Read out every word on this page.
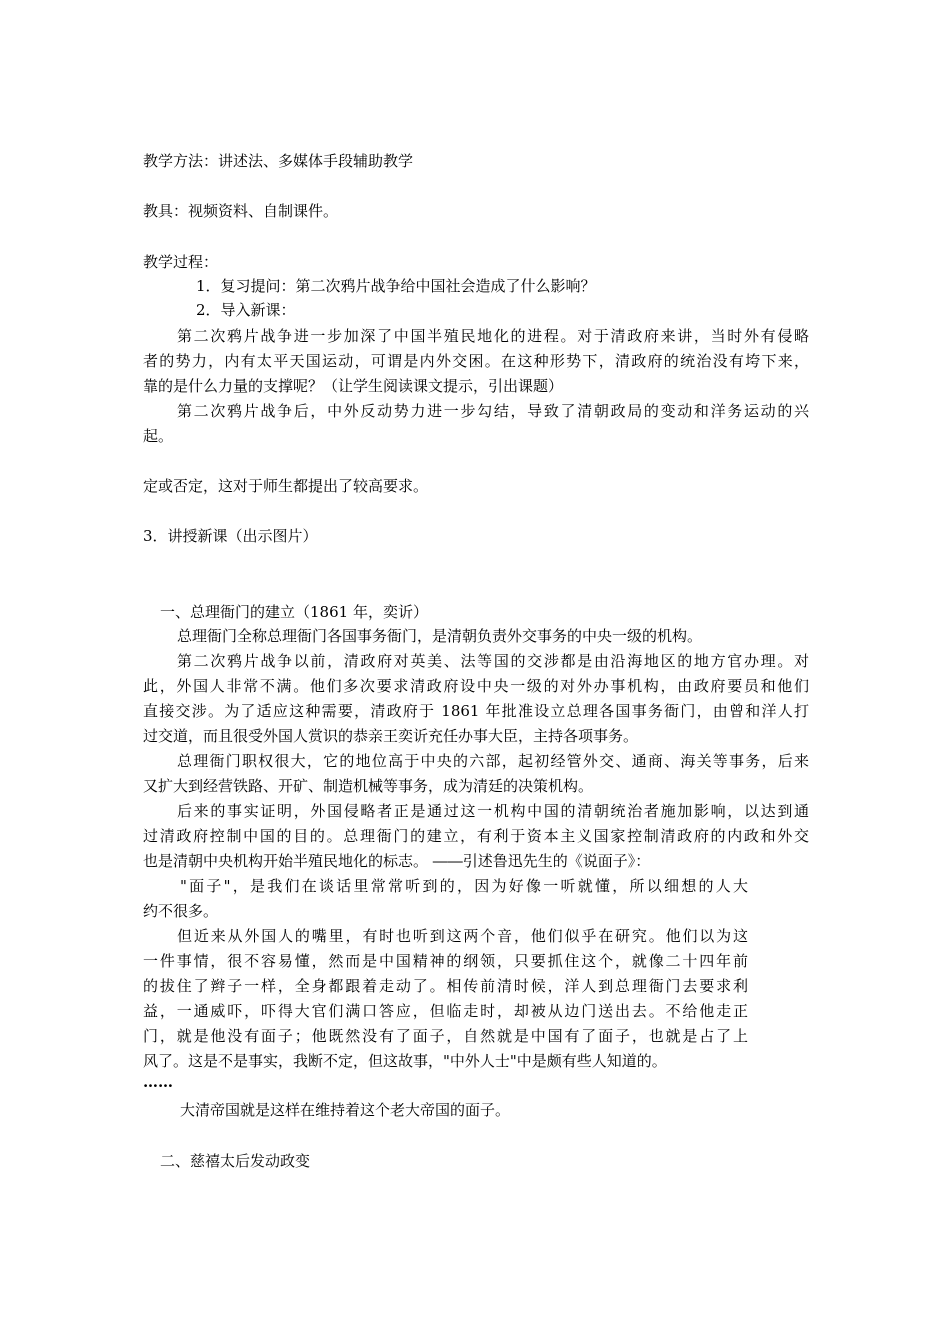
教学方法：讲述法、多媒体手段辅助教学
教具：视频资料、自制课件。
教学过程：
1．复习提问：第二次鸦片战争给中国社会造成了什么影响？
2．导入新课：
第二次鸦片战争进一步加深了中国半殖民地化的进程。对于清政府来讲，当时外有侵略
者的势力，内有太平天国运动，可谓是内外交困。在这种形势下，清政府的统治没有垮下来，
靠的是什么力量的支撑呢？（让学生阅读课文提示，引出课题）
第二次鸦片战争后，中外反动势力进一步勾结，导致了清朝政局的变动和洋务运动的兴
起。
定或否定，这对于师生都提出了较高要求。
3．讲授新课（出示图片）
一、总理衙门的建立（1861 年，奕䜣）
总理衙门全称总理衙门各国事务衙门，是清朝负责外交事务的中央一级的机构。
第二次鸦片战争以前，清政府对英美、法等国的交涉都是由沿海地区的地方官办理。对
此，外国人非常不满。他们多次要求清政府设中央一级的对外办事机构，由政府要员和他们
直接交涉。为了适应这种需要，清政府于 1861 年批准设立总理各国事务衙门，由曾和洋人打
过交道，而且很受外国人赏识的恭亲王奕䜣充任办事大臣，主持各项事务。
总理衙门职权很大，它的地位高于中央的六部，起初经管外交、通商、海关等事务，后来
又扩大到经营铁路、开矿、制造机械等事务，成为清廷的决策机构。
后来的事实证明，外国侵略者正是通过这一机构中国的清朝统治者施加影响，以达到通
过清政府控制中国的目的。总理衙门的建立，有利于资本主义国家控制清政府的内政和外交
也是清朝中央机构开始半殖民地化的标志。 ――引述鲁迅先生的《说面子》：
"面子"，是我们在谈话里常常听到的，因为好像一听就懂，所以细想的人大
约不很多。
但近来从外国人的嘴里，有时也听到这两个音，他们似乎在研究。他们以为这
一件事情，很不容易懂，然而是中国精神的纲领，只要抓住这个，就像二十四年前
的拔住了辫子一样，全身都跟着走动了。相传前清时候，洋人到总理衙门去要求利
益，一通威吓，吓得大官们满口答应，但临走时，却被从边门送出去。不给他走正
门，就是他没有面子；他既然没有了面子，自然就是中国有了面子，也就是占了上
风了。这是不是事实，我断不定，但这故事，"中外人士"中是颇有些人知道的。
……
大清帝国就是这样在维持着这个老大帝国的面子。
二、慈禧太后发动政变
